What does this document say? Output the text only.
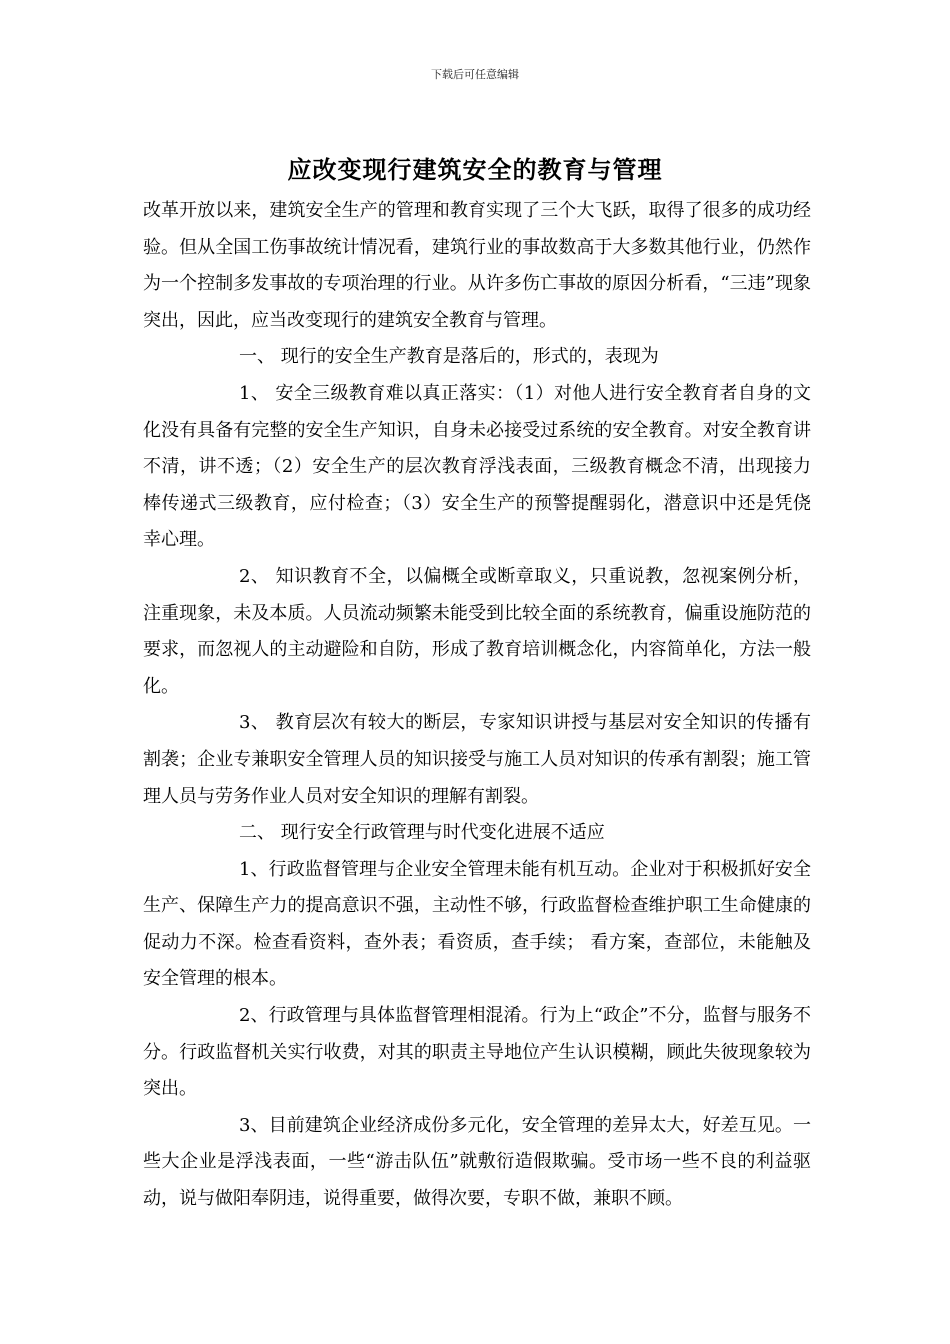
下载后可任意编辑
应改变现行建筑安全的教育与管理

改革开放以来，建筑安全生产的管理和教育实现了三个大飞跃，取得了很多的成功经验。但从全国工伤事故统计情况看，建筑行业的事故数高于大多数其他行业，仍然作为一个控制多发事故的专项治理的行业。从许多伤亡事故的原因分析看，“三违”现象突出，因此，应当改变现行的建筑安全教育与管理。

一、 现行的安全生产教育是落后的，形式的，表现为

1、 安全三级教育难以真正落实：（1）对他人进行安全教育者自身的文化没有具备有完整的安全生产知识，自身未必接受过系统的安全教育。对安全教育讲不清，讲不透；（2）安全生产的层次教育浮浅表面，三级教育概念不清，出现接力棒传递式三级教育，应付检查；（3）安全生产的预警提醒弱化，潜意识中还是凭侥幸心理。

2、 知识教育不全，以偏概全或断章取义，只重说教，忽视案例分析，注重现象，未及本质。人员流动频繁未能受到比较全面的系统教育，偏重设施防范的要求，而忽视人的主动避险和自防，形成了教育培训概念化，内容简单化，方法一般化。

3、 教育层次有较大的断层，专家知识讲授与基层对安全知识的传播有割袭；企业专兼职安全管理人员的知识接受与施工人员对知识的传承有割裂；施工管理人员与劳务作业人员对安全知识的理解有割裂。

二、 现行安全行政管理与时代变化进展不适应

1、行政监督管理与企业安全管理未能有机互动。企业对于积极抓好安全生产、保障生产力的提高意识不强，主动性不够，行政监督检查维护职工生命健康的促动力不深。检查看资料，查外表；看资质，查手续； 看方案，查部位，未能触及安全管理的根本。

2、行政管理与具体监督管理相混淆。行为上“政企”不分，监督与服务不分。行政监督机关实行收费，对其的职责主导地位产生认识模糊，顾此失彼现象较为突出。

3、目前建筑企业经济成份多元化，安全管理的差异太大，好差互见。一些大企业是浮浅表面，一些“游击队伍”就敷衍造假欺骗。受市场一些不良的利益驱动，说与做阳奉阴违，说得重要，做得次要，专职不做，兼职不顾。
